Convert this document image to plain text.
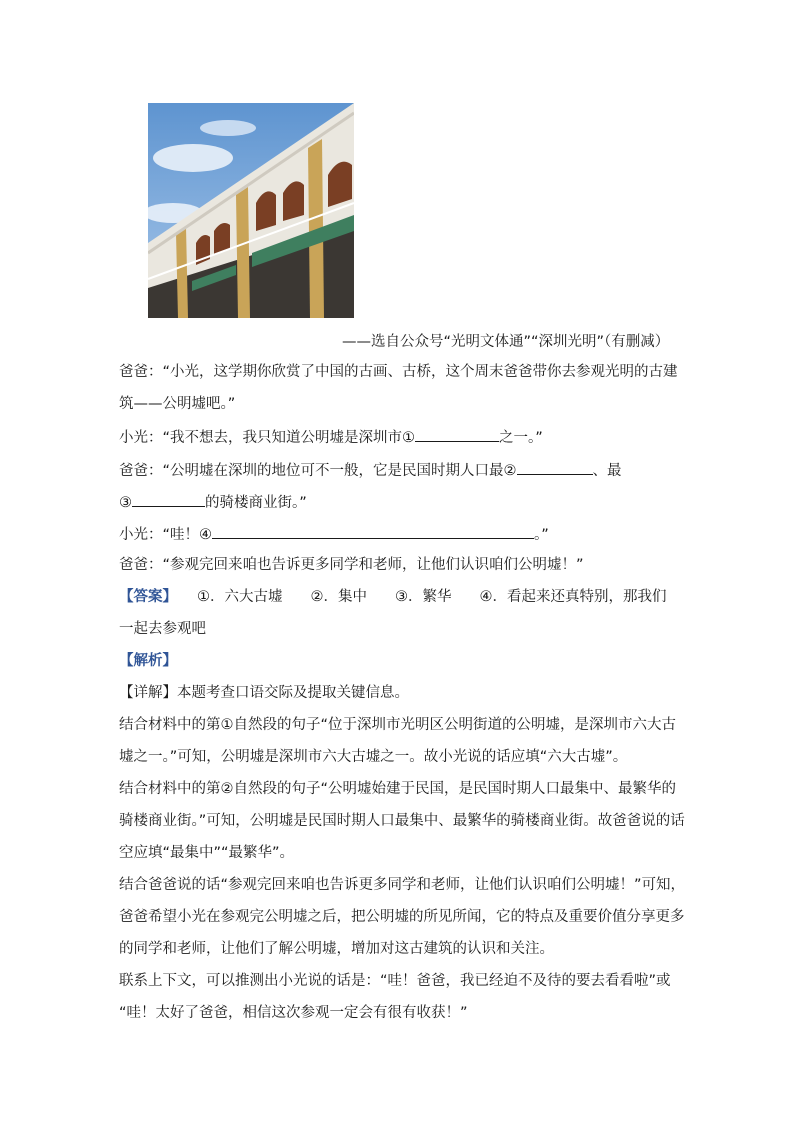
——选自公众号“光明文体通”“深圳光明”（有删减）
爸爸：“小光，这学期你欣赏了中国的古画、古桥，这个周末爸爸带你去参观光明的古建
筑——公明墟吧。”
小光：“我不想去，我只知道公明墟是深圳市①	之一。”
爸爸：“公明墟在深圳的地位可不一般，它是民国时期人口最②	、最
③	的骑楼商业街。”
小光：“哇！④	。”
爸爸：“参观完回来咱也告诉更多同学和老师，让他们认识咱们公明墟！”
【答案】 ①．六大古墟 ②．集中 ③．繁华 ④．看起来还真特别，那我们
一起去参观吧
【解析】
【详解】本题考查口语交际及提取关键信息。
结合材料中的第①自然段的句子“位于深圳市光明区公明街道的公明墟，是深圳市六大古
墟之一。”可知，公明墟是深圳市六大古墟之一。故小光说的话应填“六大古墟”。
结合材料中的第②自然段的句子“公明墟始建于民国，是民国时期人口最集中、最繁华的
骑楼商业街。”可知，公明墟是民国时期人口最集中、最繁华的骑楼商业街。故爸爸说的话
空应填“最集中”“最繁华”。
结合爸爸说的话“参观完回来咱也告诉更多同学和老师，让他们认识咱们公明墟！”可知，
爸爸希望小光在参观完公明墟之后，把公明墟的所见所闻，它的特点及重要价值分享更多
的同学和老师，让他们了解公明墟，增加对这古建筑的认识和关注。
联系上下文，可以推测出小光说的话是：“哇！爸爸，我已经迫不及待的要去看看啦”或
“哇！太好了爸爸，相信这次参观一定会有很有收获！”
